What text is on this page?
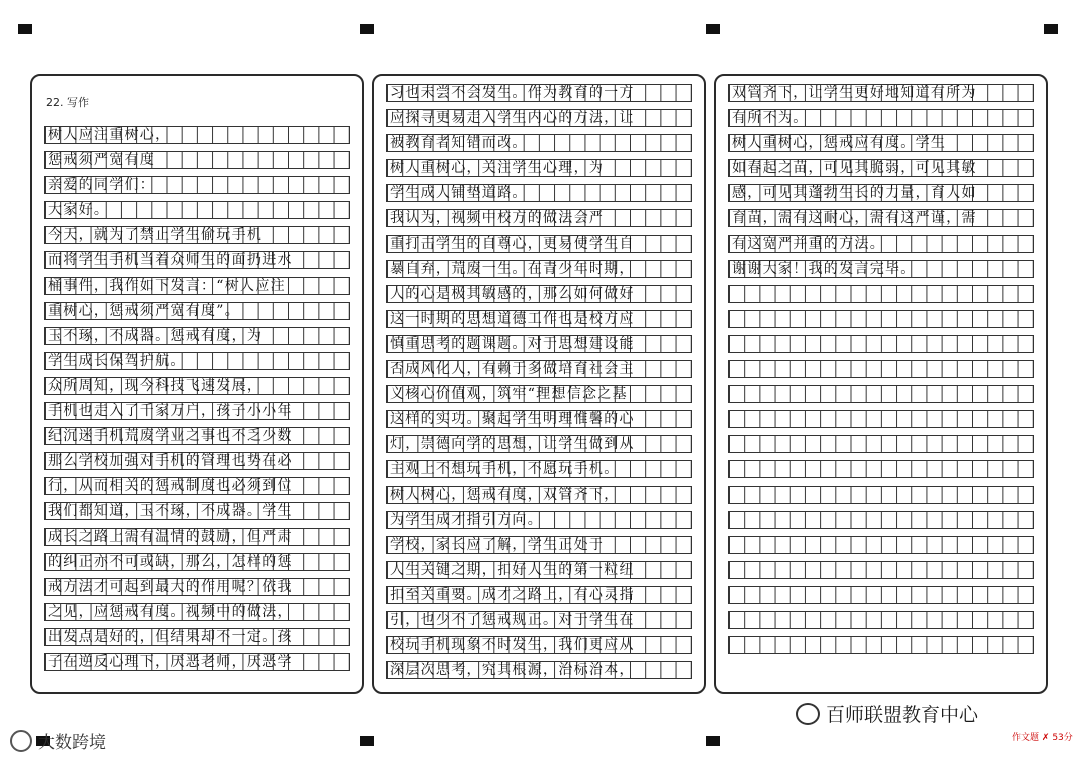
22. 写作
树人应注重树心，
惩戒须严宽有度
亲爱的同学们：
大家好。
今天，就为了禁止学生偷玩手机
而将学生手机当着众师生的面扔进水
桶事件，我作如下发言：“树人应注
重树心，惩戒须严宽有度”。
玉不琢，不成器。惩戒有度，为
学生成长保驾护航。
众所周知，现今科技飞速发展，
手机也走入了千家万户，孩子小小年
纪沉迷手机荒废学业之事也不乏少数
那么学校加强对手机的管理也势在必
行，从而相关的惩戒制度也必须到位
我们都知道，玉不琢，不成器。学生
成长之路上需有温情的鼓励，但严肃
的纠正亦不可或缺，那么，怎样的惩
戒方法才可起到最大的作用呢？依我
之见，应惩戒有度。视频中的做法，
出发点是好的，但结果却不一定。孩
子在逆反心理下，厌恶老师，厌恶学
习也未尝不会发生。作为教育的一方
应探寻更易走入学生内心的方法，让
被教育者知错而改。
树人重树心，关注学生心理，为
学生成人铺垫道路。
我认为，视频中校方的做法会严
重打击学生的自尊心，更易使学生自
暴自弃，荒废一生。在青少年时期，
人的心是极其敏感的，那么如何做好
这一时期的思想道德工作也是校方应
慎重思考的题课题。对于思想建设能
否成风化人，有赖于多做培育社会主
义核心价值观，筑牢“理想信念之基
这样的实功。聚起学生明理惟馨的心
灯，崇德向学的思想，让学生做到从
主观上不想玩手机，不愿玩手机。
树人树心，惩戒有度，双管齐下，
为学生成才指引方向。
学校，家长应了解，学生正处于
人生关键之期，扣好人生的第一粒纽
扣至关重要。成才之路上，有心灵指
引，也少不了惩戒规正。对于学生在
校玩手机现象不时发生，我们更应从
深层次思考，究其根源，治标治本，
双管齐下，让学生更好地知道有所为
有所不为。
树人重树心，惩戒应有度。学生
如春起之苗，可见其脆弱，可见其敏
感，可见其蓬勃生长的力量，育人如
育苗，需有这耐心，需有这严谨，需
有这宽严并重的方法。
谢谢大家！我的发言完毕。
百师联盟教育中心
大数跨境	作文题 ✗ 53分
